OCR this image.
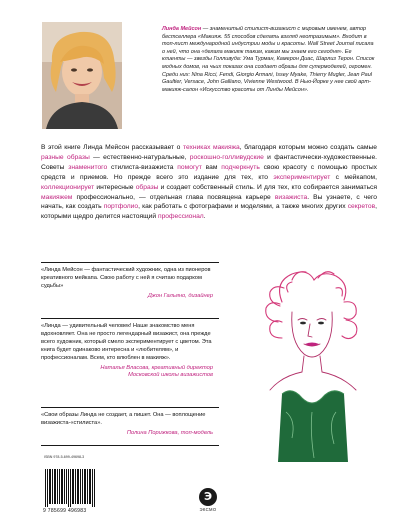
Линда Мейсон — знаменитый стилист-визажист с мировым именем, автор бестселлера «Макияж. 55 способов сделать взгляд неотразимым». Входит в топ-лист международной индустрии моды и красоты. Wall Street Journal писала о ней, что она «делала макияж таким, каким мы знаем его сегодня». Ее клиенты — звезды Голливуда: Ума Турман, Камерон Диас, Шарлиз Терон. Список модных домов, на чьих показах она создает образы для супермоделей, огромен. Среди них: Nina Ricci, Fendi, Giorgio Armani, Issey Myake, Thierry Mugler, Jean Paul Gaultier, Versace, John Galliano, Vivienne Westwood. В Нью-Йорке у нее свой арт-макияж-салон «Искусство красоты от Линды Мейсон».
В этой книге Линда Мейсон рассказывает о техниках макияжа, благодаря которым можно создать самые разные образы — естественно-натуральные, роскошно-голливудские и фантастически-художественные. Советы знаменитого стилиста-визажиста помогут вам подчеркнуть свою красоту с помощью простых средств и приемов. Но прежде всего это издание для тех, кто экспериментирует с мейкапом, коллекционирует интересные образы и создает собственный стиль. И для тех, кто собирается заниматься макияжем профессионально, — отдельная глава посвящена карьере визажиста. Вы узнаете, с чего начать, как создать портфолио, как работать с фотографами и моделями, а также многих других секретов, которыми щедро делится настоящий профессионал.
«Линда Мейсон — фантастический художник, одна из пионеров креативного мейкапа. Свою работу с ней я считаю подарком судьбы»
Джон Гальяно, дизайнер
«Линда — удивительный человек! Наше знакомство меня вдохновляет. Она не просто легендарный визажист, она прежде всего художник, который смело экспериментирует с цветом. Эта книга будет одинаково интересна и «любителям», и профессионалам. Всем, кто влюблен в макияж».
Наталья Власова, креативный директор
Московской школы визажистов
«Свои образы Линда не создает, а пишет. Она — воплощение визажиста-«стилиста».
Полина Порижкова, топ-модель
ISBN 978-5-699-49698-3
9 785699 496983
Э
ЭКСМО
